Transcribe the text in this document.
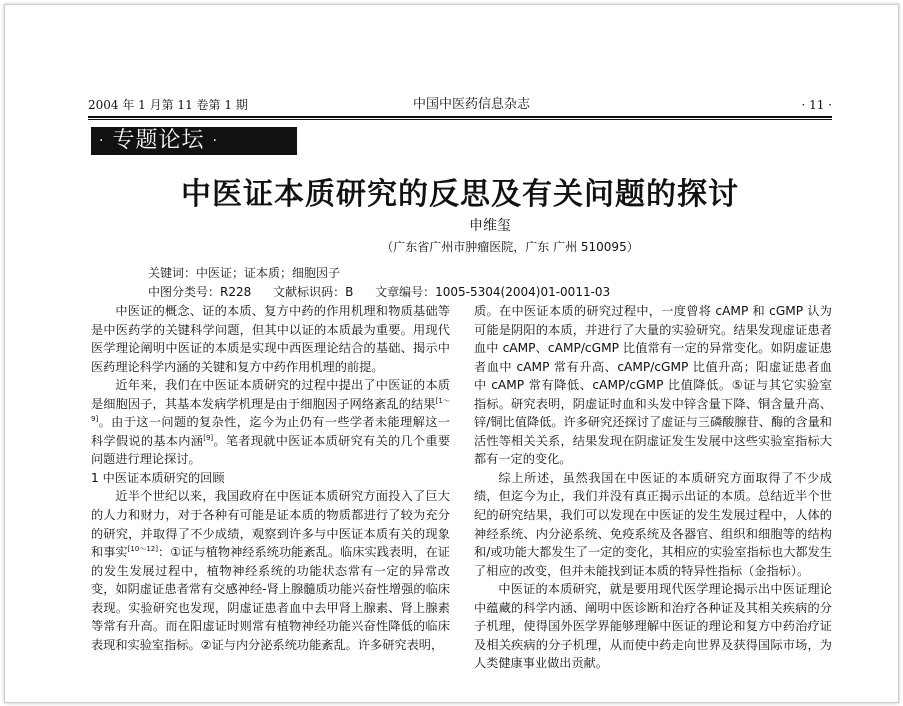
2004 年 1 月第 11 卷第 1 期	中国中医药信息杂志	· 11 ·
· 专题论坛 ·
中医证本质研究的反思及有关问题的探讨
申维玺
（广东省广州市肿瘤医院，广东 广州 510095）
关键词：中医证；证本质；细胞因子
中图分类号：R228 文献标识码：B 文章编号：1005-5304(2004)01-0011-03

中医证的概念、证的本质、复方中药的作用机理和物质基础等是中医药学的关键科学问题，但其中以证的本质最为重要。用现代医学理论阐明中医证的本质是实现中西医理论结合的基础、揭示中医药理论科学内涵的关键和复方中药作用机理的前提。

近年来，我们在中医证本质研究的过程中提出了中医证的本质是细胞因子，其基本发病学机理是由于细胞因子网络紊乱的结果[1～9]。由于这一问题的复杂性，迄今为止仍有一些学者未能理解这一科学假说的基本内涵[9]。笔者现就中医证本质研究有关的几个重要问题进行理论探讨。

1 中医证本质研究的回顾

近半个世纪以来，我国政府在中医证本质研究方面投入了巨大的人力和财力，对于各种有可能是证本质的物质都进行了较为充分的研究，并取得了不少成绩，观察到许多与中医证本质有关的现象和事实[10～12]：①证与植物神经系统功能紊乱。临床实践表明，在证的发生发展过程中，植物神经系统的功能状态常有一定的异常改变，如阴虚证患者常有交感神经-肾上腺髓质功能兴奋性增强的临床表现。实验研究也发现，阴虚证患者血中去甲肾上腺素、肾上腺素等常有升高。而在阳虚证时则常有植物神经功能兴奋性降低的临床表现和实验室指标。②证与内分泌系统功能紊乱。许多研究表明，

质。在中医证本质的研究过程中，一度曾将 cAMP 和 cGMP 认为可能是阴阳的本质，并进行了大量的实验研究。结果发现虚证患者血中 cAMP、cAMP/cGMP 比值常有一定的异常变化。如阴虚证患者血中 cAMP 常有升高、cAMP/cGMP 比值升高；阳虚证患者血中 cAMP 常有降低、cAMP/cGMP 比值降低。⑤证与其它实验室指标。研究表明，阴虚证时血和头发中锌含量下降、铜含量升高、锌/铜比值降低。许多研究还探讨了虚证与三磷酸腺苷、酶的含量和活性等相关关系，结果发现在阴虚证发生发展中这些实验室指标大都有一定的变化。

综上所述，虽然我国在中医证的本质研究方面取得了不少成绩，但迄今为止，我们并没有真正揭示出证的本质。总结近半个世纪的研究结果，我们可以发现在中医证的发生发展过程中，人体的神经系统、内分泌系统、免疫系统及各器官、组织和细胞等的结构和/或功能大都发生了一定的变化，其相应的实验室指标也大都发生了相应的改变，但并未能找到证本质的特异性指标（金指标）。

中医证的本质研究，就是要用现代医学理论揭示出中医证理论中蕴藏的科学内涵、阐明中医诊断和治疗各种证及其相关疾病的分子机理，使得国外医学界能够理解中医证的理论和复方中药治疗证及相关疾病的分子机理，从而使中药走向世界及获得国际市场，为人类健康事业做出贡献。
